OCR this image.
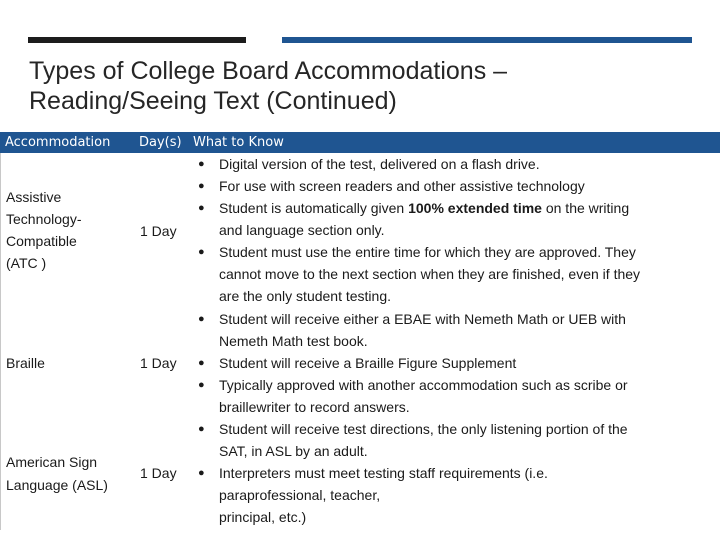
Types of College Board Accommodations –
Reading/Seeing Text (Continued)
Accommodation Day(s) What to Know
Assistive
Technology-
Compatible
(ATC )
1 Day
● Digital version of the test, delivered on a flash drive.
● For use with screen readers and other assistive technology
● Student is automatically given 100% extended time on the writing
and language section only.
● Student must use the entire time for which they are approved. They
cannot move to the next section when they are finished, even if they
are the only student testing.
Braille	1 Day
● Student will receive either a EBAE with Nemeth Math or UEB with
Nemeth Math test book.
● Student will receive a Braille Figure Supplement
● Typically approved with another accommodation such as scribe or
braillewriter to record answers.
American Sign
Language (ASL)
1 Day
● Student will receive test directions, the only listening portion of the
SAT, in ASL by an adult.
● Interpreters must meet testing staff requirements (i.e.
paraprofessional, teacher,
principal, etc.)
